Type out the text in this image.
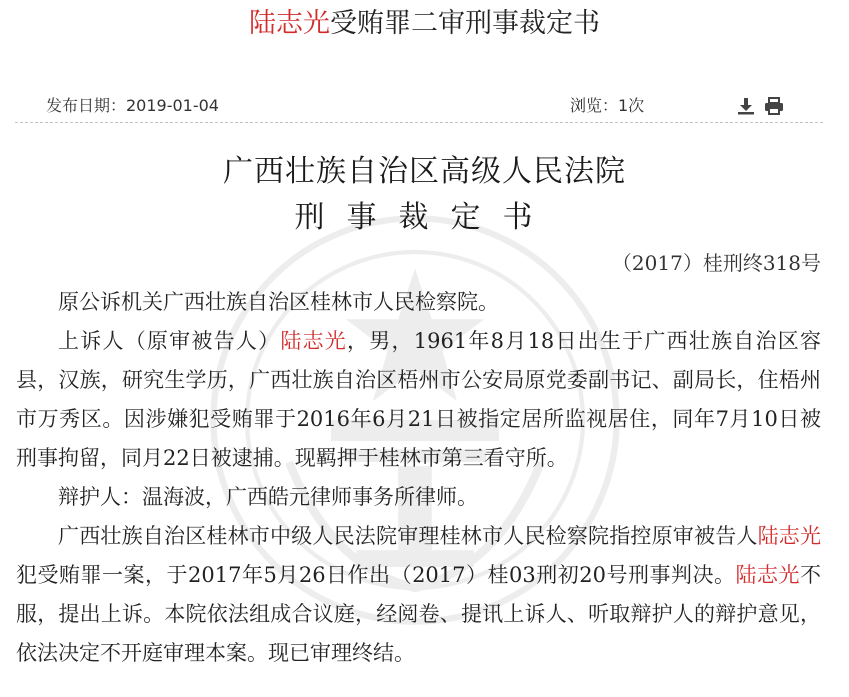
陆志光受贿罪二审刑事裁定书
发布日期：2019-01-04	浏览：1次
广西壮族自治区高级人民法院
刑事裁定书
（2017）桂刑终318号

原公诉机关广西壮族自治区桂林市人民检察院。

上诉人（原审被告人）陆志光，男，1961年8月18日出生于广西壮族自治区容县，汉族，研究生学历，广西壮族自治区梧州市公安局原党委副书记、副局长，住梧州市万秀区。因涉嫌犯受贿罪于2016年6月21日被指定居所监视居住，同年7月10日被刑事拘留，同月22日被逮捕。现羁押于桂林市第三看守所。

辩护人：温海波，广西皓元律师事务所律师。

广西壮族自治区桂林市中级人民法院审理桂林市人民检察院指控原审被告人陆志光犯受贿罪一案，于2017年5月26日作出（2017）桂03刑初20号刑事判决。陆志光不服，提出上诉。本院依法组成合议庭，经阅卷、提讯上诉人、听取辩护人的辩护意见，依法决定不开庭审理本案。现已审理终结。
